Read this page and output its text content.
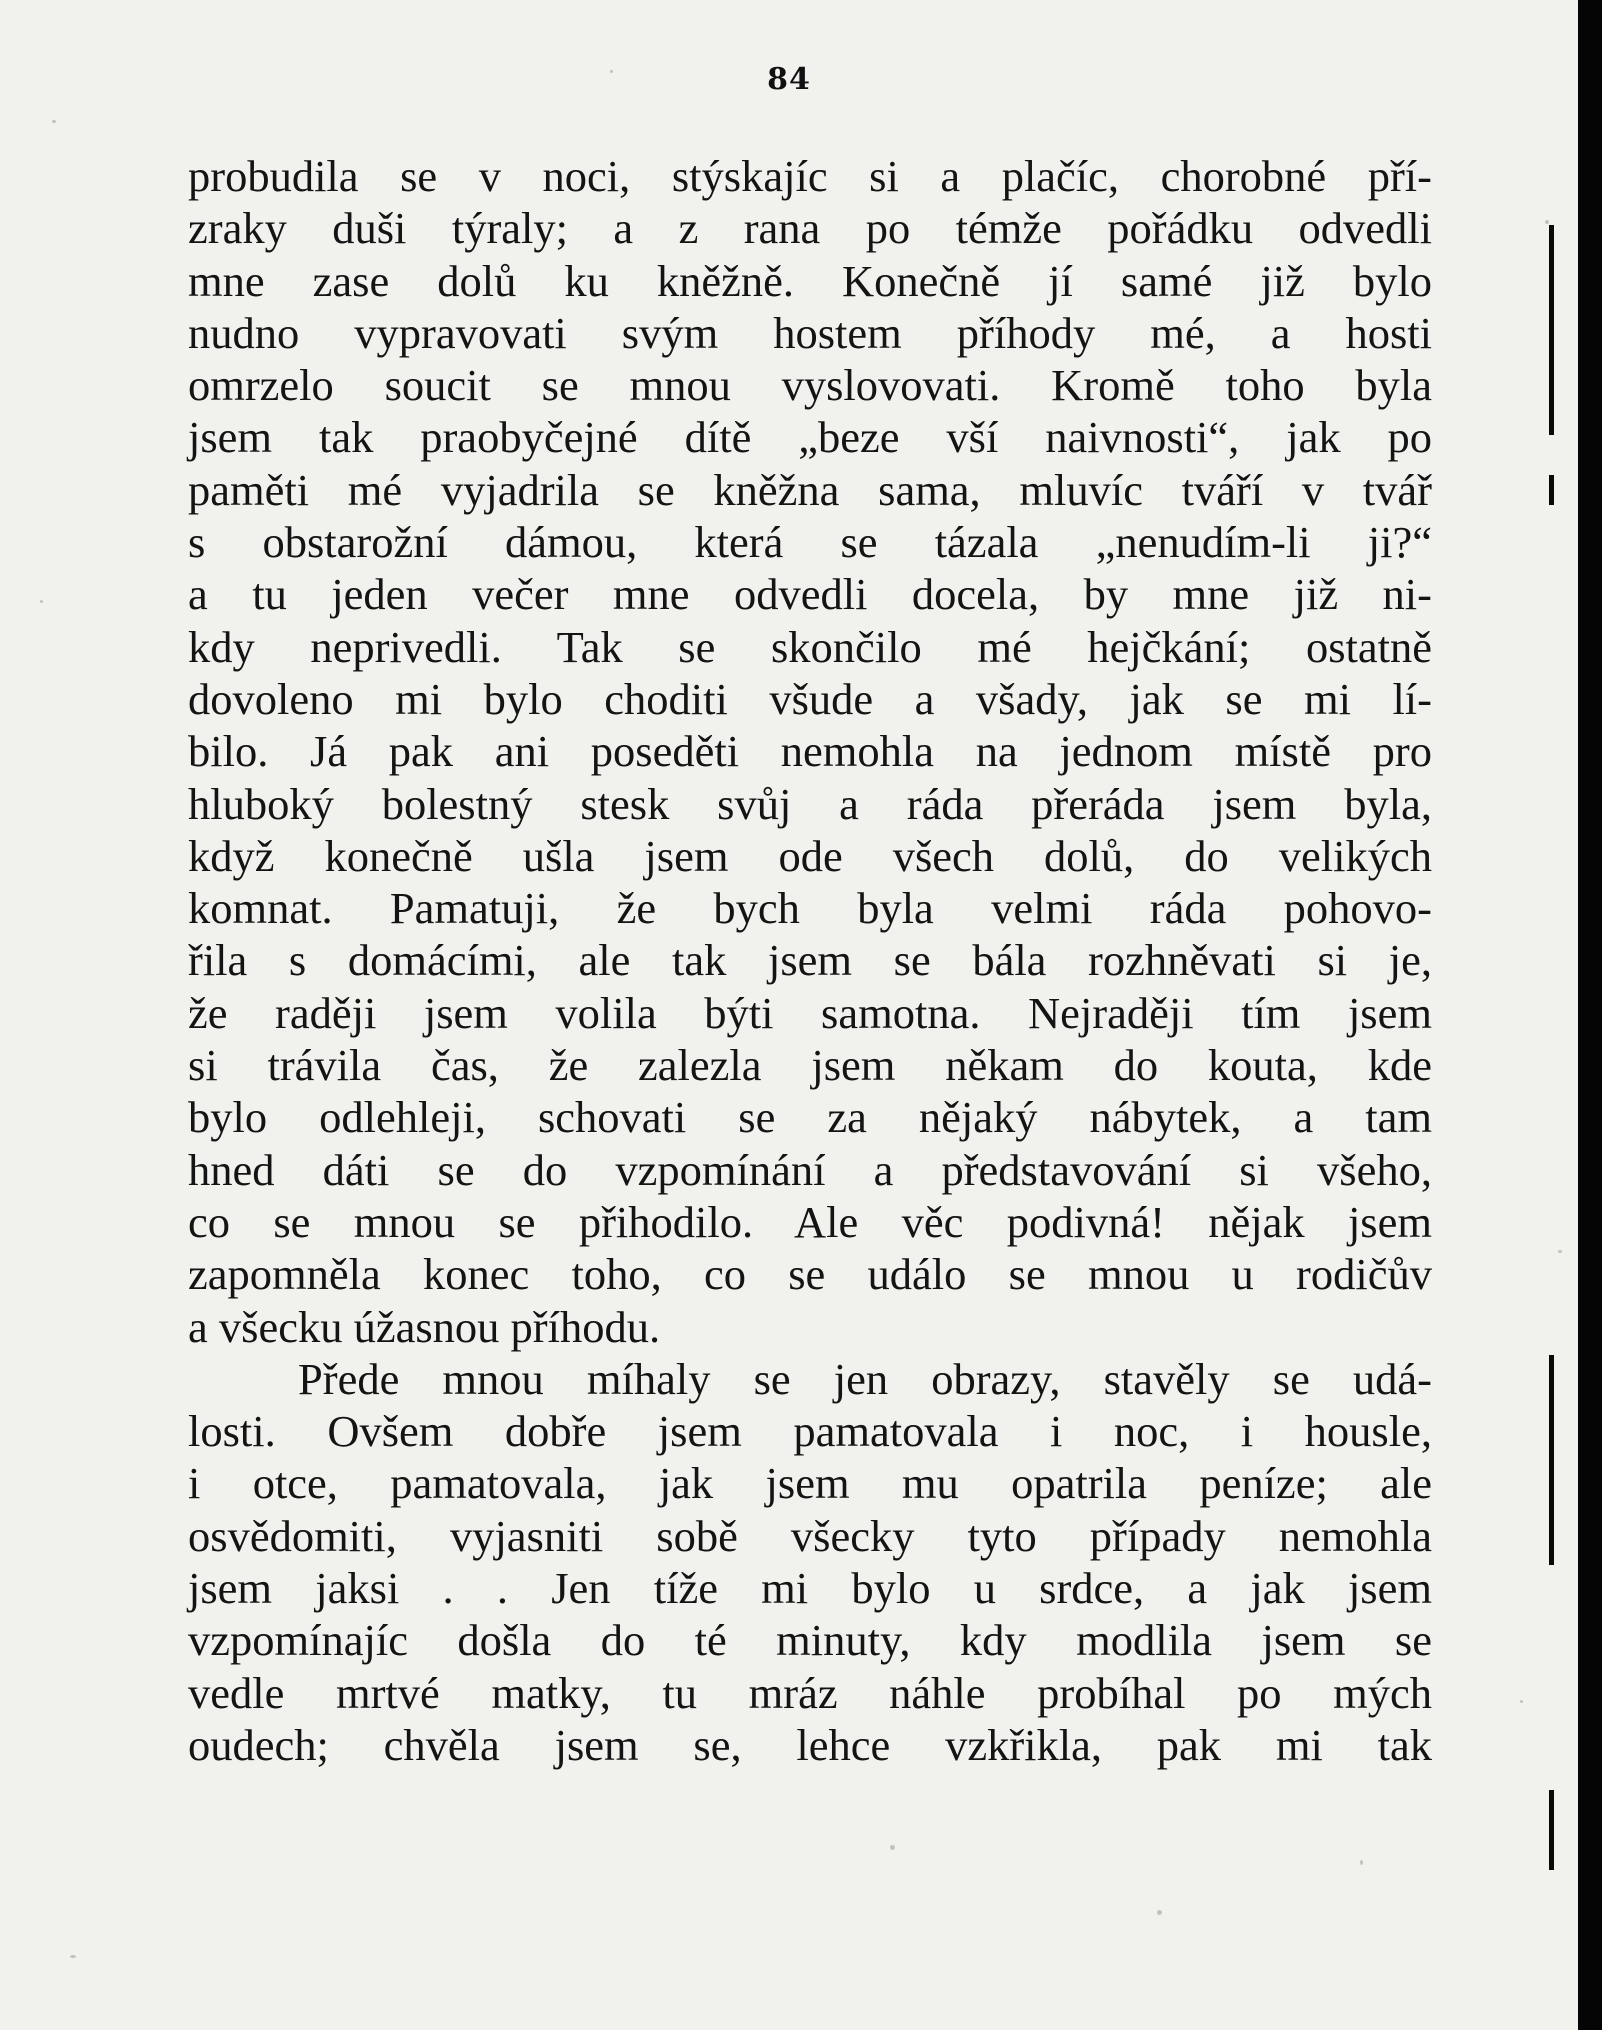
84
probudila se v noci, stýskajíc si a plačíc, chorobné pří-
zraky duši týraly; a z rana po témže pořádku odvedli
mne zase dolů ku kněžně. Konečně jí samé již bylo
nudno vypravovati svým hostem příhody mé, a hosti
omrzelo soucit se mnou vyslovovati. Kromě toho byla
jsem tak praobyčejné dítě „beze vší naivnosti“, jak po
paměti mé vyjadrila se kněžna sama, mluvíc tváří v tvář
s obstarožní dámou, která se tázala „nenudím-li ji?“
a tu jeden večer mne odvedli docela, by mne již ni-
kdy neprivedli. Tak se skončilo mé hejčkání; ostatně
dovoleno mi bylo choditi všude a všady, jak se mi lí-
bilo. Já pak ani poseděti nemohla na jednom místě pro
hluboký bolestný stesk svůj a ráda přeráda jsem byla,
když konečně ušla jsem ode všech dolů, do velikých
komnat. Pamatuji, že bych byla velmi ráda pohovo-
řila s domácími, ale tak jsem se bála rozhněvati si je,
že raději jsem volila býti samotna. Nejraději tím jsem
si trávila čas, že zalezla jsem někam do kouta, kde
bylo odlehleji, schovati se za nějaký nábytek, a tam
hned dáti se do vzpomínání a představování si všeho,
co se mnou se přihodilo. Ale věc podivná! nějak jsem
zapomněla konec toho, co se událo se mnou u rodičův
a všecku úžasnou příhodu.
Přede mnou míhaly se jen obrazy, stavěly se udá-
losti. Ovšem dobře jsem pamatovala i noc, i housle,
i otce, pamatovala, jak jsem mu opatrila peníze; ale
osvědomiti, vyjasniti sobě všecky tyto případy nemohla
jsem jaksi . . Jen tíže mi bylo u srdce, a jak jsem
vzpomínajíc došla do té minuty, kdy modlila jsem se
vedle mrtvé matky, tu mráz náhle probíhal po mých
oudech; chvěla jsem se, lehce vzkřikla, pak mi tak
